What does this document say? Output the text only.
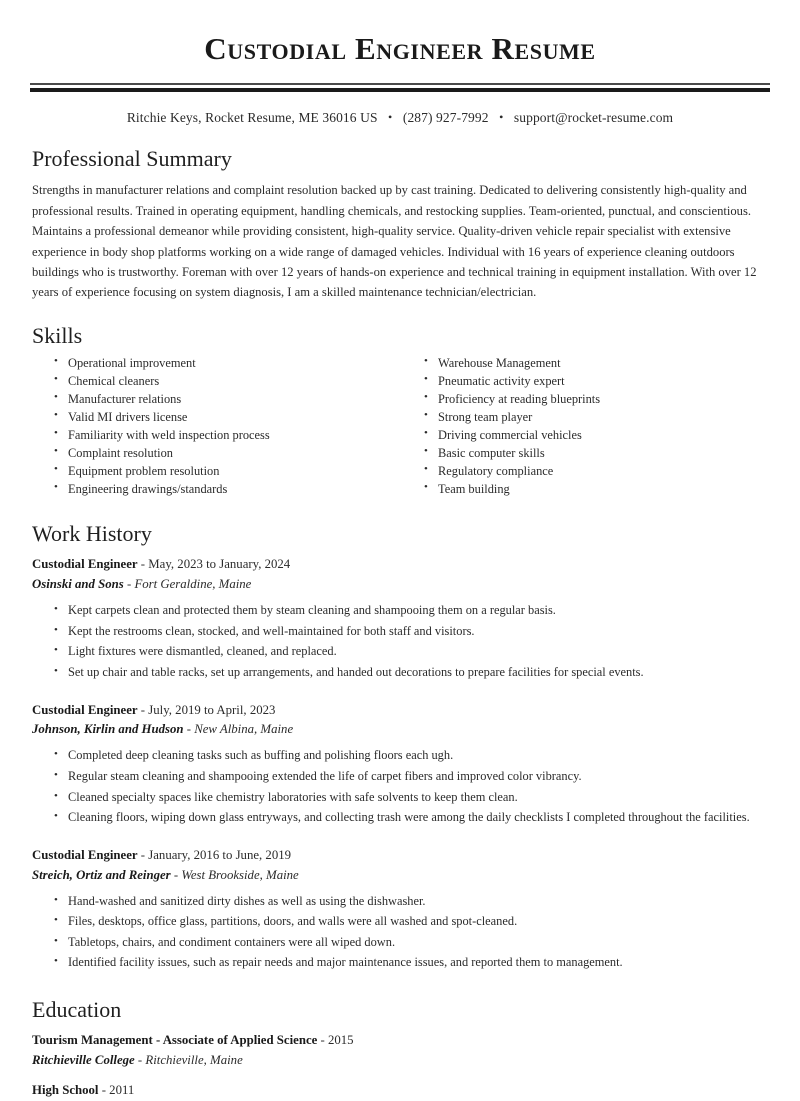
Custodial Engineer Resume
Ritchie Keys, Rocket Resume, ME 36016 US • (287) 927-7992 • support@rocket-resume.com
Professional Summary

Strengths in manufacturer relations and complaint resolution backed up by cast training. Dedicated to delivering consistently high-quality and professional results. Trained in operating equipment, handling chemicals, and restocking supplies. Team-oriented, punctual, and conscientious. Maintains a professional demeanor while providing consistent, high-quality service. Quality-driven vehicle repair specialist with extensive experience in body shop platforms working on a wide range of damaged vehicles. Individual with 16 years of experience cleaning outdoors buildings who is trustworthy. Foreman with over 12 years of hands-on experience and technical training in equipment installation. With over 12 years of experience focusing on system diagnosis, I am a skilled maintenance technician/electrician.

Skills
• Operational improvement
• Chemical cleaners
• Manufacturer relations
• Valid MI drivers license
• Familiarity with weld inspection process
• Complaint resolution
• Equipment problem resolution
• Engineering drawings/standards
• Warehouse Management
• Pneumatic activity expert
• Proficiency at reading blueprints
• Strong team player
• Driving commercial vehicles
• Basic computer skills
• Regulatory compliance
• Team building
Work History
Custodial Engineer - May, 2023 to January, 2024
Osinski and Sons - Fort Geraldine, Maine
• Kept carpets clean and protected them by steam cleaning and shampooing them on a regular basis.
• Kept the restrooms clean, stocked, and well-maintained for both staff and visitors.
• Light fixtures were dismantled, cleaned, and replaced.
• Set up chair and table racks, set up arrangements, and handed out decorations to prepare facilities for special events.
Custodial Engineer - July, 2019 to April, 2023
Johnson, Kirlin and Hudson - New Albina, Maine
• Completed deep cleaning tasks such as buffing and polishing floors each ugh.
• Regular steam cleaning and shampooing extended the life of carpet fibers and improved color vibrancy.
• Cleaned specialty spaces like chemistry laboratories with safe solvents to keep them clean.
• Cleaning floors, wiping down glass entryways, and collecting trash were among the daily checklists I completed throughout the facilities.
Custodial Engineer - January, 2016 to June, 2019
Streich, Ortiz and Reinger - West Brookside, Maine
• Hand-washed and sanitized dirty dishes as well as using the dishwasher.
• Files, desktops, office glass, partitions, doors, and walls were all washed and spot-cleaned.
• Tabletops, chairs, and condiment containers were all wiped down.
• Identified facility issues, such as repair needs and major maintenance issues, and reported them to management.
Education
Tourism Management - Associate of Applied Science - 2015
Ritchieville College - Ritchieville, Maine
High School - 2011
